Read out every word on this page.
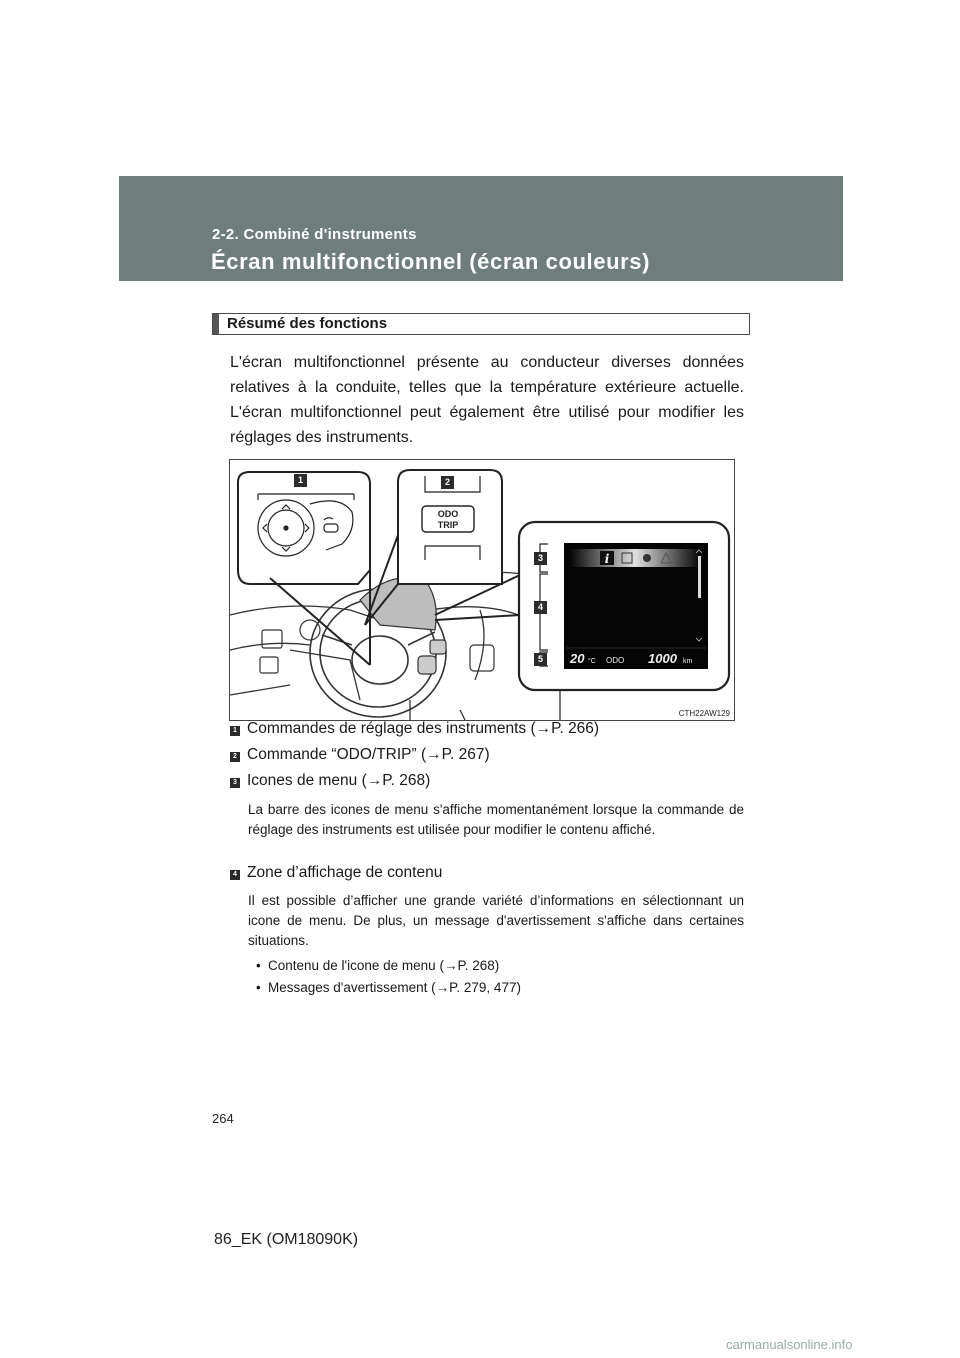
2-2. Combiné d'instruments
Écran multifonctionnel (écran couleurs)
Résumé des fonctions
L'écran multifonctionnel présente au conducteur diverses données relatives à la conduite, telles que la température extérieure actuelle. L'écran multifonctionnel peut également être utilisé pour modifier les réglages des instruments.
ODO
TRIP
i
20 °C ODO 1000 km
1	2
3
4
5
CTH22AW129
1 Commandes de réglage des instruments (→P. 266)
2 Commande “ODO/TRIP” (→P. 267)
3 Icones de menu (→P. 268)
La barre des icones de menu s'affiche momentanément lorsque la commande de réglage des instruments est utilisée pour modifier le contenu affiché.
4 Zone d’affichage de contenu
Il est possible d’afficher une grande variété d’informations en sélectionnant un icone de menu. De plus, un message d'avertissement s'affiche dans certaines situations.
• Contenu de l'icone de menu (→P. 268)
• Messages d'avertissement (→P. 279, 477)
264
86_EK (OM18090K)
carmanualsonline.info
